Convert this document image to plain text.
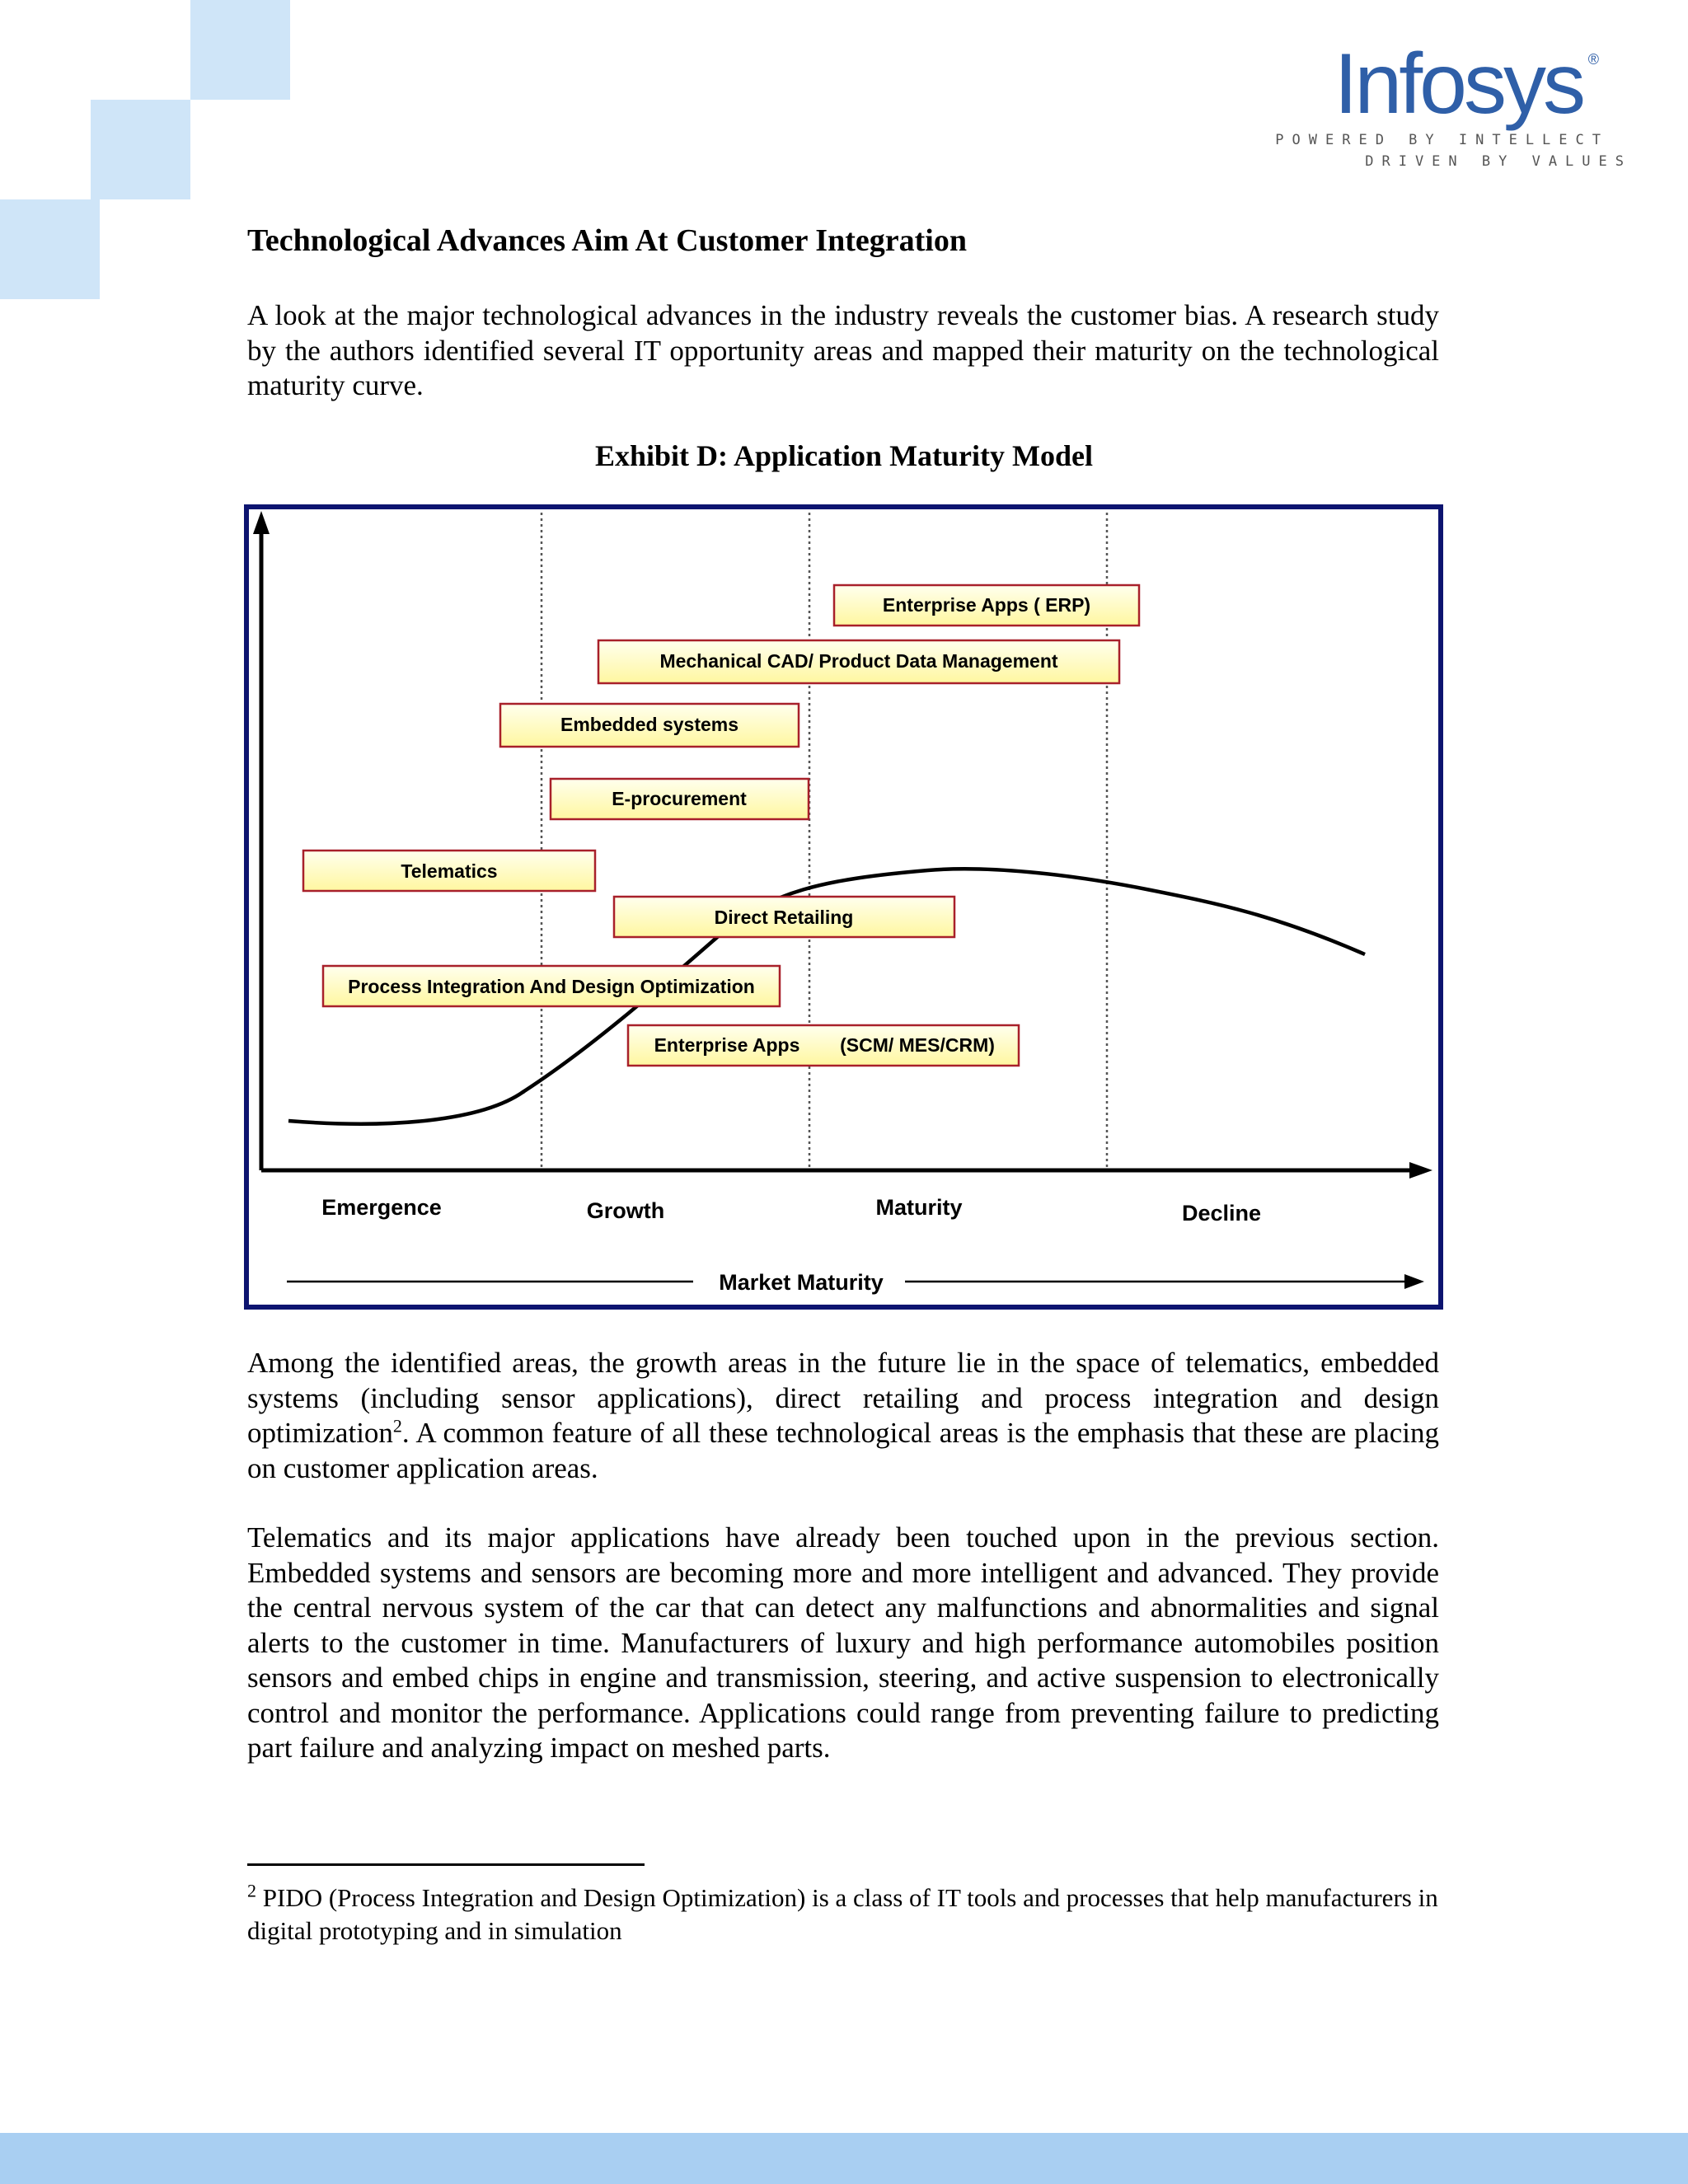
Infosys ®
POWERED BY INTELLECT
DRIVEN BY VALUES
Technological Advances Aim At Customer Integration

A look at the major technological advances in the industry reveals the customer bias. A research study by the authors identified several IT opportunity areas and mapped their maturity on the technological maturity curve.

Exhibit D: Application Maturity Model
Enterprise Apps ( ERP)
Mechanical CAD/ Product Data Management
Embedded systems
E-procurement
Telematics
Direct Retailing
Process Integration And Design Optimization
Enterprise Apps (SCM/ MES/CRM)
Emergence	Growth	Maturity	Decline
Market Maturity

Among the identified areas, the growth areas in the future lie in the space of telematics, embedded systems (including sensor applications), direct retailing and process integration and design optimization$^2$. A common feature of all these technological areas is the emphasis that these are placing on customer application areas.

Telematics and its major applications have already been touched upon in the previous section. Embedded systems and sensors are becoming more and more intelligent and advanced. They provide the central nervous system of the car that can detect any malfunctions and abnormalities and signal alerts to the customer in time. Manufacturers of luxury and high performance automobiles position sensors and embed chips in engine and transmission, steering, and active suspension to electronically control and monitor the performance. Applications could range from preventing failure to predicting part failure and analyzing impact on meshed parts.

$^2$ PIDO (Process Integration and Design Optimization) is a class of IT tools and processes that help manufacturers in digital prototyping and in simulation
